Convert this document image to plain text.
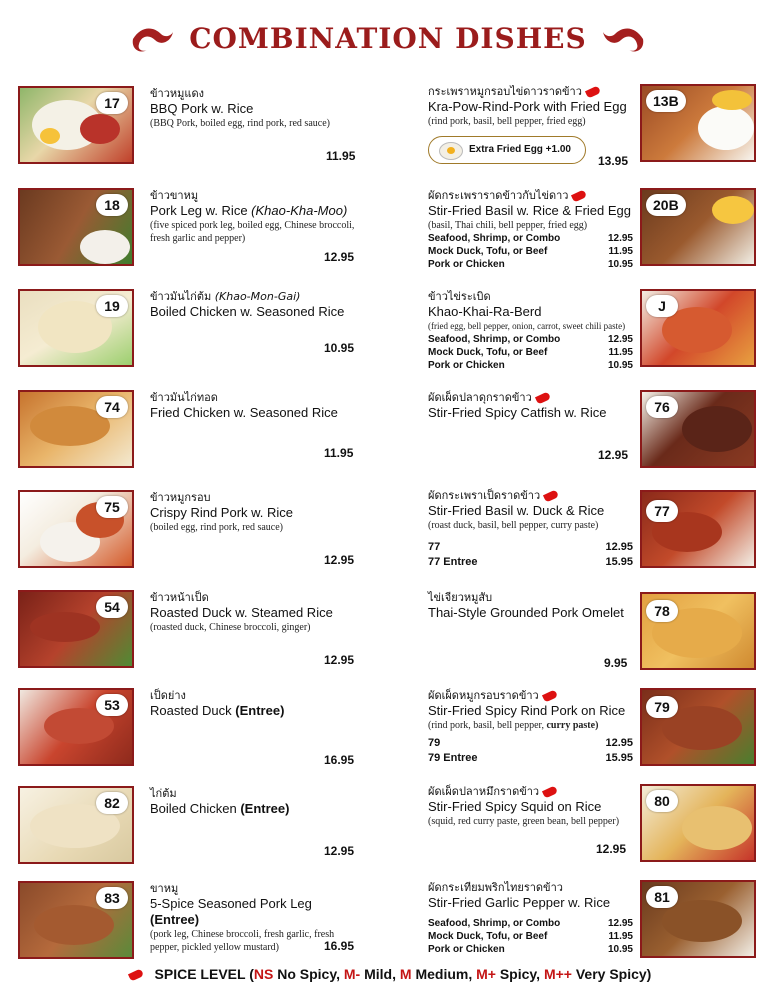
COMBINATION DISHES
17
ข้าวหมูแดง
BBQ Pork w. Rice
(BBQ Pork, boiled egg, rind pork, red sauce)
11.95
18
ข้าวขาหมู
Pork Leg w. Rice (Khao-Kha-Moo)
(five spiced pork leg, boiled egg, Chinese broccoli, fresh garlic and pepper)
12.95
19
ข้าวมันไก่ต้ม (Khao-Mon-Gai)
Boiled Chicken w. Seasoned Rice
10.95
74
ข้าวมันไก่ทอด
Fried Chicken w. Seasoned Rice
11.95
75
ข้าวหมูกรอบ
Crispy Rind Pork w. Rice
(boiled egg, rind pork, red sauce)
12.95
54
ข้าวหน้าเป็ด
Roasted Duck w. Steamed Rice
(roasted duck, Chinese broccoli, ginger)
12.95
53
เป็ดย่าง
Roasted Duck (Entree)
16.95
82
ไก่ต้ม
Boiled Chicken (Entree)
12.95
83
ขาหมู
5-Spice Seasoned Pork Leg (Entree)
(pork leg, Chinese broccoli, fresh garlic, fresh pepper, pickled yellow mustard)	16.95
กระเพราหมูกรอบไข่ดาวราดข้าว
Kra-Pow-Rind-Pork with Fried Egg
(rind pork, basil, bell pepper, fried egg)
Extra Fried Egg +1.00
13.95
13B
ผัดกระเพราราดข้าวกับไข่ดาว
Stir-Fried Basil w. Rice & Fried Egg
(basil, Thai chili, bell pepper, fried egg)
Seafood, Shrimp, or Combo	12.95
Mock Duck, Tofu, or Beef	11.95
Pork or Chicken	10.95
20B
ข้าวไข่ระเบิด
Khao-Khai-Ra-Berd
(fried egg, bell pepper, onion, carrot, sweet chili paste)
Seafood, Shrimp, or Combo	12.95
Mock Duck, Tofu, or Beef	11.95
Pork or Chicken	10.95
J
ผัดเผ็ดปลาดุกราดข้าว
Stir-Fried Spicy Catfish w. Rice
12.95
76
ผัดกระเพราเป็ดราดข้าว
Stir-Fried Basil w. Duck & Rice
(roast duck, basil, bell pepper, curry paste)
77	12.95
77 Entree	15.95
77
ไข่เจียวหมูสับ
Thai-Style Grounded Pork Omelet
9.95
78
ผัดเผ็ดหมูกรอบราดข้าว
Stir-Fried Spicy Rind Pork on Rice
(rind pork, basil, bell pepper, curry paste)
79	12.95
79 Entree	15.95
79
ผัดเผ็ดปลาหมึกราดข้าว
Stir-Fried Spicy Squid on Rice
(squid, red curry paste, green bean, bell pepper)
12.95
80
ผัดกระเทียมพริกไทยราดข้าว
Stir-Fried Garlic Pepper w. Rice
Seafood, Shrimp, or Combo	12.95
Mock Duck, Tofu, or Beef	11.95
Pork or Chicken	10.95
81
SPICE LEVEL (NS No Spicy, M- Mild, M Medium, M+ Spicy, M++ Very Spicy)
